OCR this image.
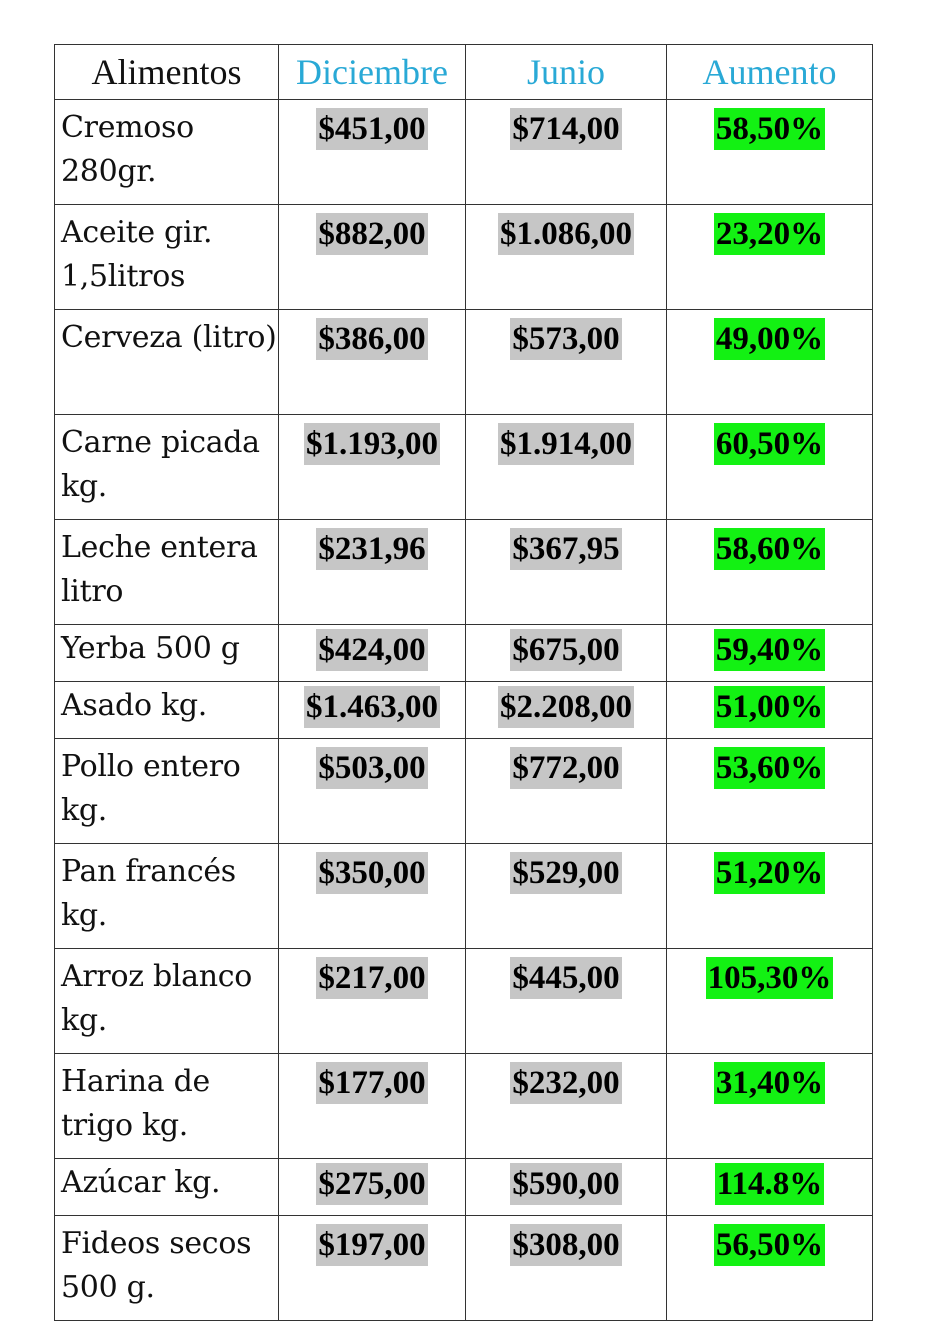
Alimentos	Diciembre	Junio	Aumento
Cremoso 280gr.	$451,00	$714,00	58,50%
Aceite gir. 1,5litros	$882,00	$1.086,00	23,20%
Cerveza (litro)	$386,00	$573,00	49,00%
Carne picada kg.	$1.193,00	$1.914,00	60,50%
Leche entera litro	$231,96	$367,95	58,60%
Yerba 500 g	$424,00	$675,00	59,40%
Asado kg.	$1.463,00	$2.208,00	51,00%
Pollo entero kg.	$503,00	$772,00	53,60%
Pan francés kg.	$350,00	$529,00	51,20%
Arroz blanco kg.	$217,00	$445,00	105,30%
Harina de trigo kg.	$177,00	$232,00	31,40%
Azúcar kg.	$275,00	$590,00	114.8%
Fideos secos 500 g.	$197,00	$308,00	56,50%
